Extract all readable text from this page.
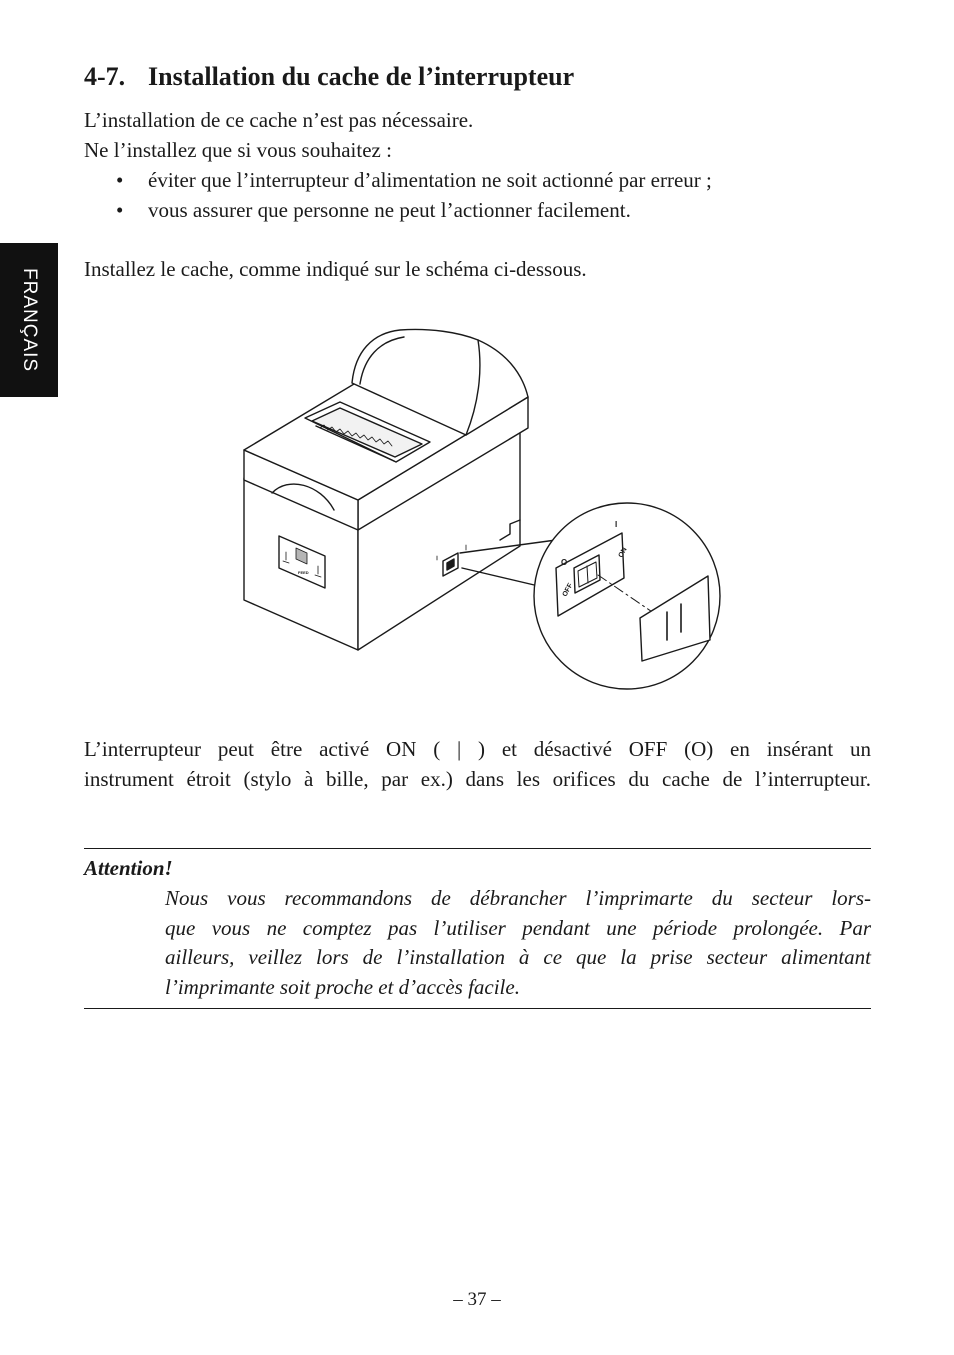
FRANÇAIS
4-7. Installation du cache de l’interrupteur
L’installation de ce cache n’est pas nécessaire.
Ne l’installez que si vous souhaitez :
• éviter que l’interrupteur d’alimentation ne soit actionné par erreur ;
• vous assurer que personne ne peut l’actionner facilement.
Installez le cache, comme indiqué sur le schéma ci-dessous.
FEED
O
OFF
ON
I
L’interrupteur peut être activé ON ( | ) et désactivé OFF (O) en insérant un
instrument étroit (stylo à bille, par ex.) dans les orifices du cache de l’interrupteur.
Attention!
Nous vous recommandons de débrancher l’imprimarte du secteur lors-
que vous ne comptez pas l’utiliser pendant une période prolongée. Par
ailleurs, veillez lors de l’installation à ce que la prise secteur alimentant
l’imprimante soit proche et d’accès facile.
– 37 –
